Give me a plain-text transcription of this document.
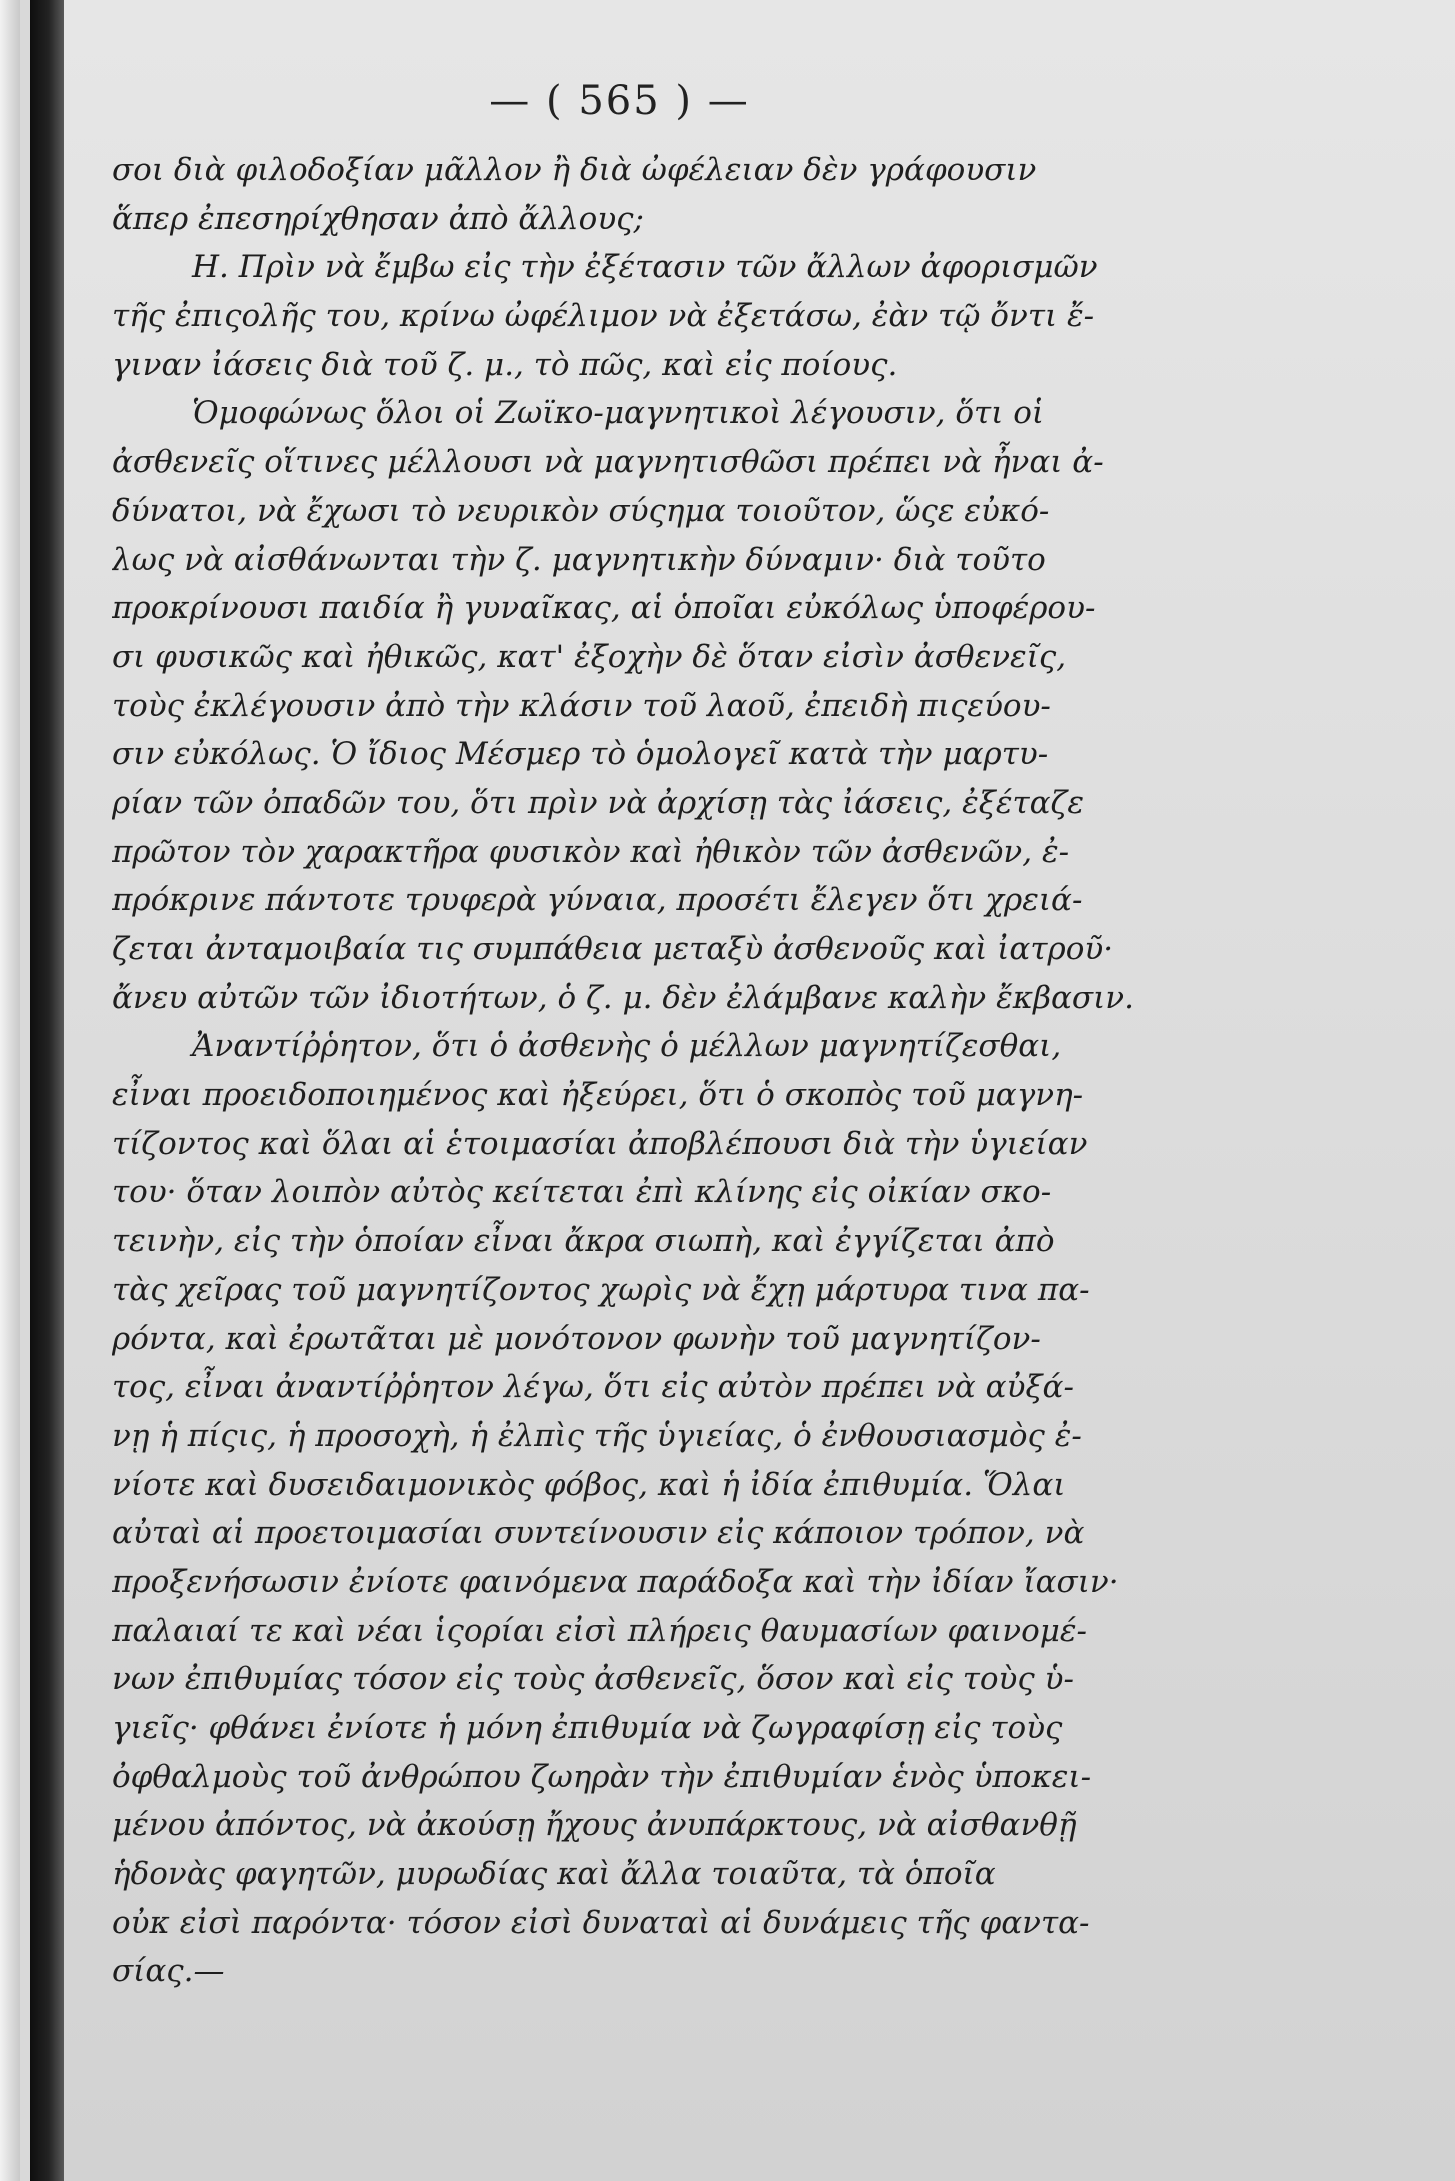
— ( 565 ) —
σοι διὰ φιλοδοξίαν μᾶλλον ἢ διὰ ὠφέλειαν δὲν γράφουσιν
ἅπερ ἐπεσηρίχθησαν ἀπὸ ἄλλους;
Η. Πρὶν νὰ ἔμβω εἰς τὴν ἐξέτασιν τῶν ἄλλων ἀφορισμῶν
τῆς ἐπιςολῆς του, κρίνω ὠφέλιμον νὰ ἐξετάσω, ἐὰν τῷ ὄντι ἔ-
γιναν ἰάσεις διὰ τοῦ ζ. μ., τὸ πῶς, καὶ εἰς ποίους.
Ὁμοφώνως ὅλοι οἱ Ζωϊκο-μαγνητικοὶ λέγουσιν, ὅτι οἱ
ἀσθενεῖς οἵτινες μέλλουσι νὰ μαγνητισθῶσι πρέπει νὰ ἦναι ἀ-
δύνατοι, νὰ ἔχωσι τὸ νευρικὸν σύςημα τοιοῦτον, ὥςε εὐκό-
λως νὰ αἰσθάνωνται τὴν ζ. μαγνητικὴν δύναμιν· διὰ τοῦτο
προκρίνουσι παιδία ἢ γυναῖκας, αἱ ὁποῖαι εὐκόλως ὑποφέρου-
σι φυσικῶς καὶ ἠθικῶς, κατ' ἐξοχὴν δὲ ὅταν εἰσὶν ἀσθενεῖς,
τοὺς ἐκλέγουσιν ἀπὸ τὴν κλάσιν τοῦ λαοῦ, ἐπειδὴ πιςεύου-
σιν εὐκόλως. Ὁ ἴδιος Μέσμερ τὸ ὁμολογεῖ κατὰ τὴν μαρτυ-
ρίαν τῶν ὀπαδῶν του, ὅτι πρὶν νὰ ἀρχίσῃ τὰς ἰάσεις, ἐξέταζε
πρῶτον τὸν χαρακτῆρα φυσικὸν καὶ ἠθικὸν τῶν ἀσθενῶν, ἐ-
πρόκρινε πάντοτε τρυφερὰ γύναια, προσέτι ἔλεγεν ὅτι χρειά-
ζεται ἀνταμοιβαία τις συμπάθεια μεταξὺ ἀσθενοῦς καὶ ἰατροῦ·
ἄνευ αὐτῶν τῶν ἰδιοτήτων, ὁ ζ. μ. δὲν ἐλάμβανε καλὴν ἔκβασιν.
Ἀναντίῤῥητον, ὅτι ὁ ἀσθενὴς ὁ μέλλων μαγνητίζεσθαι,
εἶναι προειδοποιημένος καὶ ἠξεύρει, ὅτι ὁ σκοπὸς τοῦ μαγνη-
τίζοντος καὶ ὅλαι αἱ ἑτοιμασίαι ἀποβλέπουσι διὰ τὴν ὑγιείαν
του· ὅταν λοιπὸν αὐτὸς κείτεται ἐπὶ κλίνης εἰς οἰκίαν σκο-
τεινὴν, εἰς τὴν ὁποίαν εἶναι ἄκρα σιωπὴ, καὶ ἐγγίζεται ἀπὸ
τὰς χεῖρας τοῦ μαγνητίζοντος χωρὶς νὰ ἔχῃ μάρτυρα τινα πα-
ρόντα, καὶ ἐρωτᾶται μὲ μονότονον φωνὴν τοῦ μαγνητίζον-
τος, εἶναι ἀναντίῤῥητον λέγω, ὅτι εἰς αὐτὸν πρέπει νὰ αὐξά-
νῃ ἡ πίςις, ἡ προσοχὴ, ἡ ἐλπὶς τῆς ὑγιείας, ὁ ἐνθουσιασμὸς ἐ-
νίοτε καὶ δυσειδαιμονικὸς φόβος, καὶ ἡ ἰδία ἐπιθυμία. Ὅλαι
αὐταὶ αἱ προετοιμασίαι συντείνουσιν εἰς κάποιον τρόπον, νὰ
προξενήσωσιν ἐνίοτε φαινόμενα παράδοξα καὶ τὴν ἰδίαν ἴασιν·
παλαιαί τε καὶ νέαι ἱςορίαι εἰσὶ πλήρεις θαυμασίων φαινομέ-
νων ἐπιθυμίας τόσον εἰς τοὺς ἀσθενεῖς, ὅσον καὶ εἰς τοὺς ὑ-
γιεῖς· φθάνει ἐνίοτε ἡ μόνη ἐπιθυμία νὰ ζωγραφίσῃ εἰς τοὺς
ὀφθαλμοὺς τοῦ ἀνθρώπου ζωηρὰν τὴν ἐπιθυμίαν ἑνὸς ὑποκει-
μένου ἀπόντος, νὰ ἀκούσῃ ἤχους ἀνυπάρκτους, νὰ αἰσθανθῇ
ἡδονὰς φαγητῶν, μυρωδίας καὶ ἄλλα τοιαῦτα, τὰ ὁποῖα
οὐκ εἰσὶ παρόντα· τόσον εἰσὶ δυναταὶ αἱ δυνάμεις τῆς φαντα-
σίας.—
